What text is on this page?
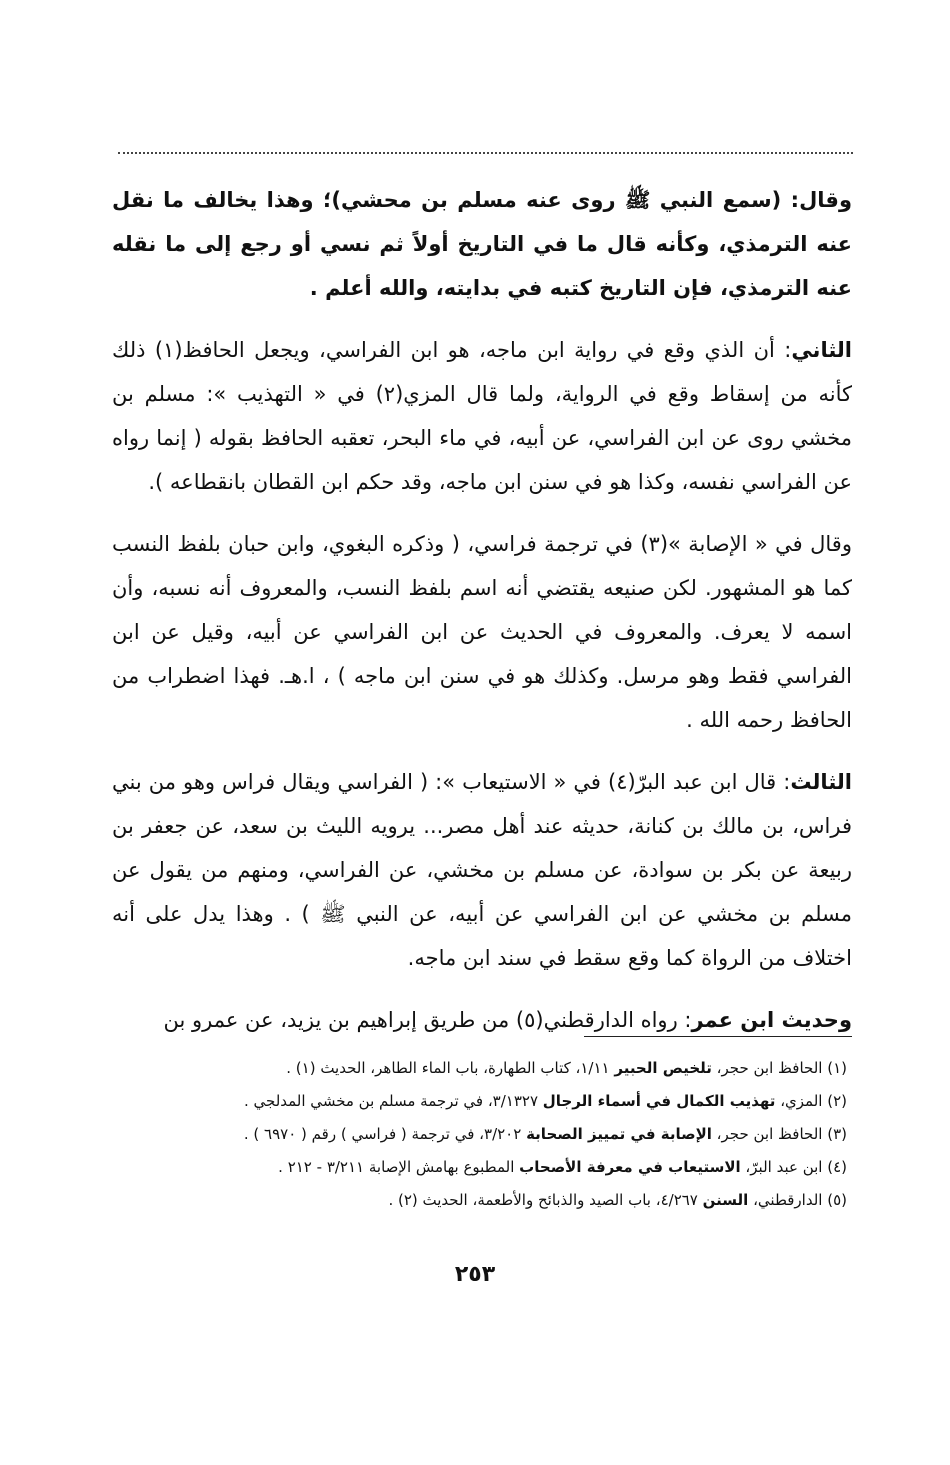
وقال: (سمع النبي ﷺ روى عنه مسلم بن محشي)؛ وهذا يخالف ما نقل عنه الترمذي، وكأنه قال ما في التاريخ أولاً ثم نسي أو رجع إلى ما نقله عنه الترمذي، فإن التاريخ كتبه في بدايته، والله أعلم .

الثاني: أن الذي وقع في رواية ابن ماجه، هو ابن الفراسي، ويجعل الحافظ(١) ذلك كأنه من إسقاط وقع في الرواية، ولما قال المزي(٢) في « التهذيب »: مسلم بن مخشي روى عن ابن الفراسي، عن أبيه، في ماء البحر، تعقبه الحافظ بقوله ( إنما رواه عن الفراسي نفسه، وكذا هو في سنن ابن ماجه، وقد حكم ابن القطان بانقطاعه ).

وقال في « الإصابة »(٣) في ترجمة فراسي، ( وذكره البغوي، وابن حبان بلفظ النسب كما هو المشهور. لكن صنيعه يقتضي أنه اسم بلفظ النسب، والمعروف أنه نسبه، وأن اسمه لا يعرف. والمعروف في الحديث عن ابن الفراسي عن أبيه، وقيل عن ابن الفراسي فقط وهو مرسل. وكذلك هو في سنن ابن ماجه ) ، ا.هـ. فهذا اضطراب من الحافظ رحمه الله .

الثالث: قال ابن عبد البرّ(٤) في « الاستيعاب »: ( الفراسي ويقال فراس وهو من بني فراس، بن مالك بن كنانة، حديثه عند أهل مصر... يرويه الليث بن سعد، عن جعفر بن ربيعة عن بكر بن سوادة، عن مسلم بن مخشي، عن الفراسي، ومنهم من يقول عن مسلم بن مخشي عن ابن الفراسي عن أبيه، عن النبي ﷺ ) . وهذا يدل على أنه اختلاف من الرواة كما وقع سقط في سند ابن ماجه.

وحديث ابن عمر: رواه الدارقطني(٥) من طريق إبراهيم بن يزيد، عن عمرو بن

(١) الحافظ ابن حجر، تلخيص الحبير ١/١١، كتاب الطهارة، باب الماء الطاهر، الحديث (١) .
(٢) المزي، تهذيب الكمال في أسماء الرجال ٣/١٣٢٧، في ترجمة مسلم بن مخشي المدلجي .
(٣) الحافظ ابن حجر، الإصابة في تمييز الصحابة ٣/٢٠٢، في ترجمة ( فراسي ) رقم ( ٦٩٧٠ ) .
(٤) ابن عبد البرّ، الاستيعاب في معرفة الأصحاب المطبوع بهامش الإصابة ٣/٢١١ - ٢١٢ .
(٥) الدارقطني، السنن ٤/٢٦٧، باب الصيد والذبائح والأطعمة، الحديث (٢) .
٢٥٣
